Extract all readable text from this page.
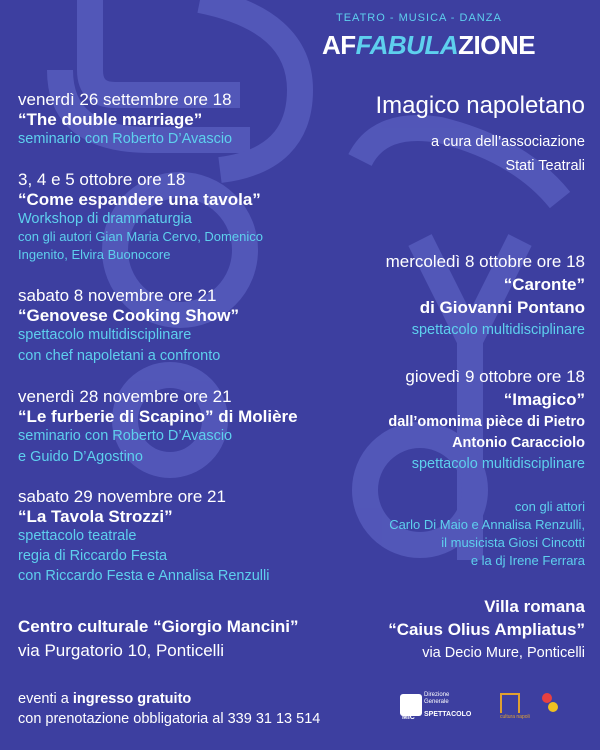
TEATRO - MUSICA - DANZA
AFFABULAZIONE
Imagico napoletano
a cura dell’associazione
Stati Teatrali
venerdì 26 settembre ore 18
“The double marriage”
seminario con Roberto D’Avascio
3, 4 e 5 ottobre ore 18
“Come espandere una tavola”
Workshop di drammaturgia
con gli autori Gian Maria Cervo, Domenico
Ingenito, Elvira Buonocore
sabato 8 novembre ore 21
“Genovese Cooking Show”
spettacolo multidisciplinare
con chef napoletani a confronto
venerdì 28 novembre ore 21
“Le furberie di Scapino” di Molière
seminario con Roberto D’Avascio
e Guido D’Agostino
sabato 29 novembre ore 21
“La Tavola Strozzi”
spettacolo teatrale
regia di Riccardo Festa
con Riccardo Festa e Annalisa Renzulli
Centro culturale “Giorgio Mancini”
via Purgatorio 10, Ponticelli
mercoledì 8 ottobre ore 18
“Caronte”
di Giovanni Pontano
spettacolo multidisciplinare
giovedì 9 ottobre ore 18
“Imagico”
dall’omonima pièce di Pietro
Antonio Caracciolo
spettacolo multidisciplinare
con gli attori
Carlo Di Maio e Annalisa Renzulli,
il musicista Giosi Cincotti
e la dj Irene Ferrara
Villa romana
“Caius Olius Ampliatus”
via Decio Mure, Ponticelli
eventi a ingresso gratuito
con prenotazione obbligatoria al 339 31 13 514
Direzione Generale
MiC SPETTACOLO	cultura napoli
